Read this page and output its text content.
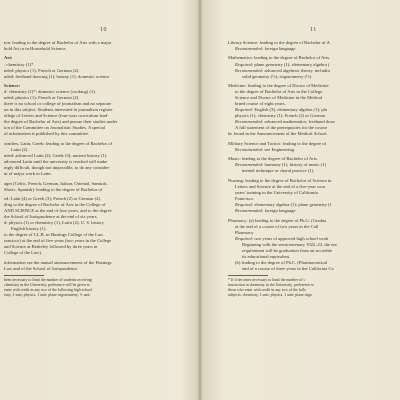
10
ion: leading to the degree of Bachelor of Arts with a major
hold Art or in Household Science.
Art:
: chemistry (1)*.
nded: physics (1); French or German (2).
nded: freehand drawing (1); botany (1); domestic science
Science:
d: chemistry (1)*; domestic science (cooking) (1).
nded: physics (1); French or German (2).
there is no school or college of journalism and no separate
on in this subject. Students interested in journalism register
ollege of Letters and Science (four-year curriculum lead-
the degree of Bachelor of Arts) and pursue their studies under
ion of the Committee on Journalistic Studies. A special
of information is published by this committee.
ranches, Latin, Greek: leading to the degree of Bachelor of
Latin (2).
nded: advanced Latin (2); Greek (3); ancient history (1).
advanced Latin until the university is reached will make
ingly difficult, though not impossible, to do any consider-
nt of major work in Latin.
ages (Celtic, French, German, Italian, Oriental, Sanskrit,
Slavic, Spanish): leading to the degree of Bachelor of
ed: Latin (4) or Greek (3); French (2) or German (2).
ding to the degree of Bachelor of Arts in the College of
AND SCIENCE at the end of four years, and to the degree
the School of Jurisprudence at the end of six years.
d: physics (1) or chemistry (1); Latin (2); U. S. history
English history (1).
to the degree of LL.B. in Hastings College of the Law
rancisco) at the end of five years (two years in the College
and Science at Berkeley followed by three years in
College of the Law).
information see the annual announcements of the Hastings
Law and of the School of Jurisprudence.
been necessary to limit the number of students receiving
chemistry in the University, preference will be given to
enter with credit in any two of the following high school
istry, 1 unit; physics, 1 unit; plane trigonometry, ½ unit.
11
Library Science: leading to the degree of Bachelor of A
Recommended: foreign language.
Mathematics: leading to the degree of Bachelor of Arts.
Required: plane geometry (1); elementary algebra (
Recommended: advanced algebraic theory, includin
solid geometry (½); trigonometry (½).
Medicine: leading to the degree of Doctor of Medicine
to the degree of Bachelor of Arts in the College
Science and Doctor of Medicine in the Medical
bined course of eight years.
Required: English (3); elementary algebra (1); pla
physics (1); chemistry (1); French (2) or German
Recommended: advanced mathematics; freehand draw
A full statement of the prerequisites for the course
be found in the Announcement of the Medical School.
Military Science and Tactics: leading to the degree of
Recommended: see Engineering.
Music: leading to the degree of Bachelor of Arts.
Recommended: harmony (1); history of music (1)
mental technique or choral practice (1).
Nursing: leading to the degree of Bachelor of Science in
Letters and Science at the end of a five-year cour
years' training in the University of California
Francisco.
Required: elementary algebra (1); plane geometry (1
Recommended: foreign language.
Pharmacy: (a) leading to the degree of Ph.G. (Gradua
at the end of a course of two years in the Call
Pharmacy.
Required: two years of approved high school work
Beginning with the semicentenary 1922–23, the ent
requirement will be graduation from an accredite
its educational equivalent.
(b) leading to the degree of Ph.C. (Pharmaceutical
end of a course of three years in the California Co
* If it becomes necessary to limit the number of s
instruction in chemistry in the University, preference w
those who enter with credit in any two of the follo
subjects: chemistry, 1 unit; physics, 1 unit; plane trigo
